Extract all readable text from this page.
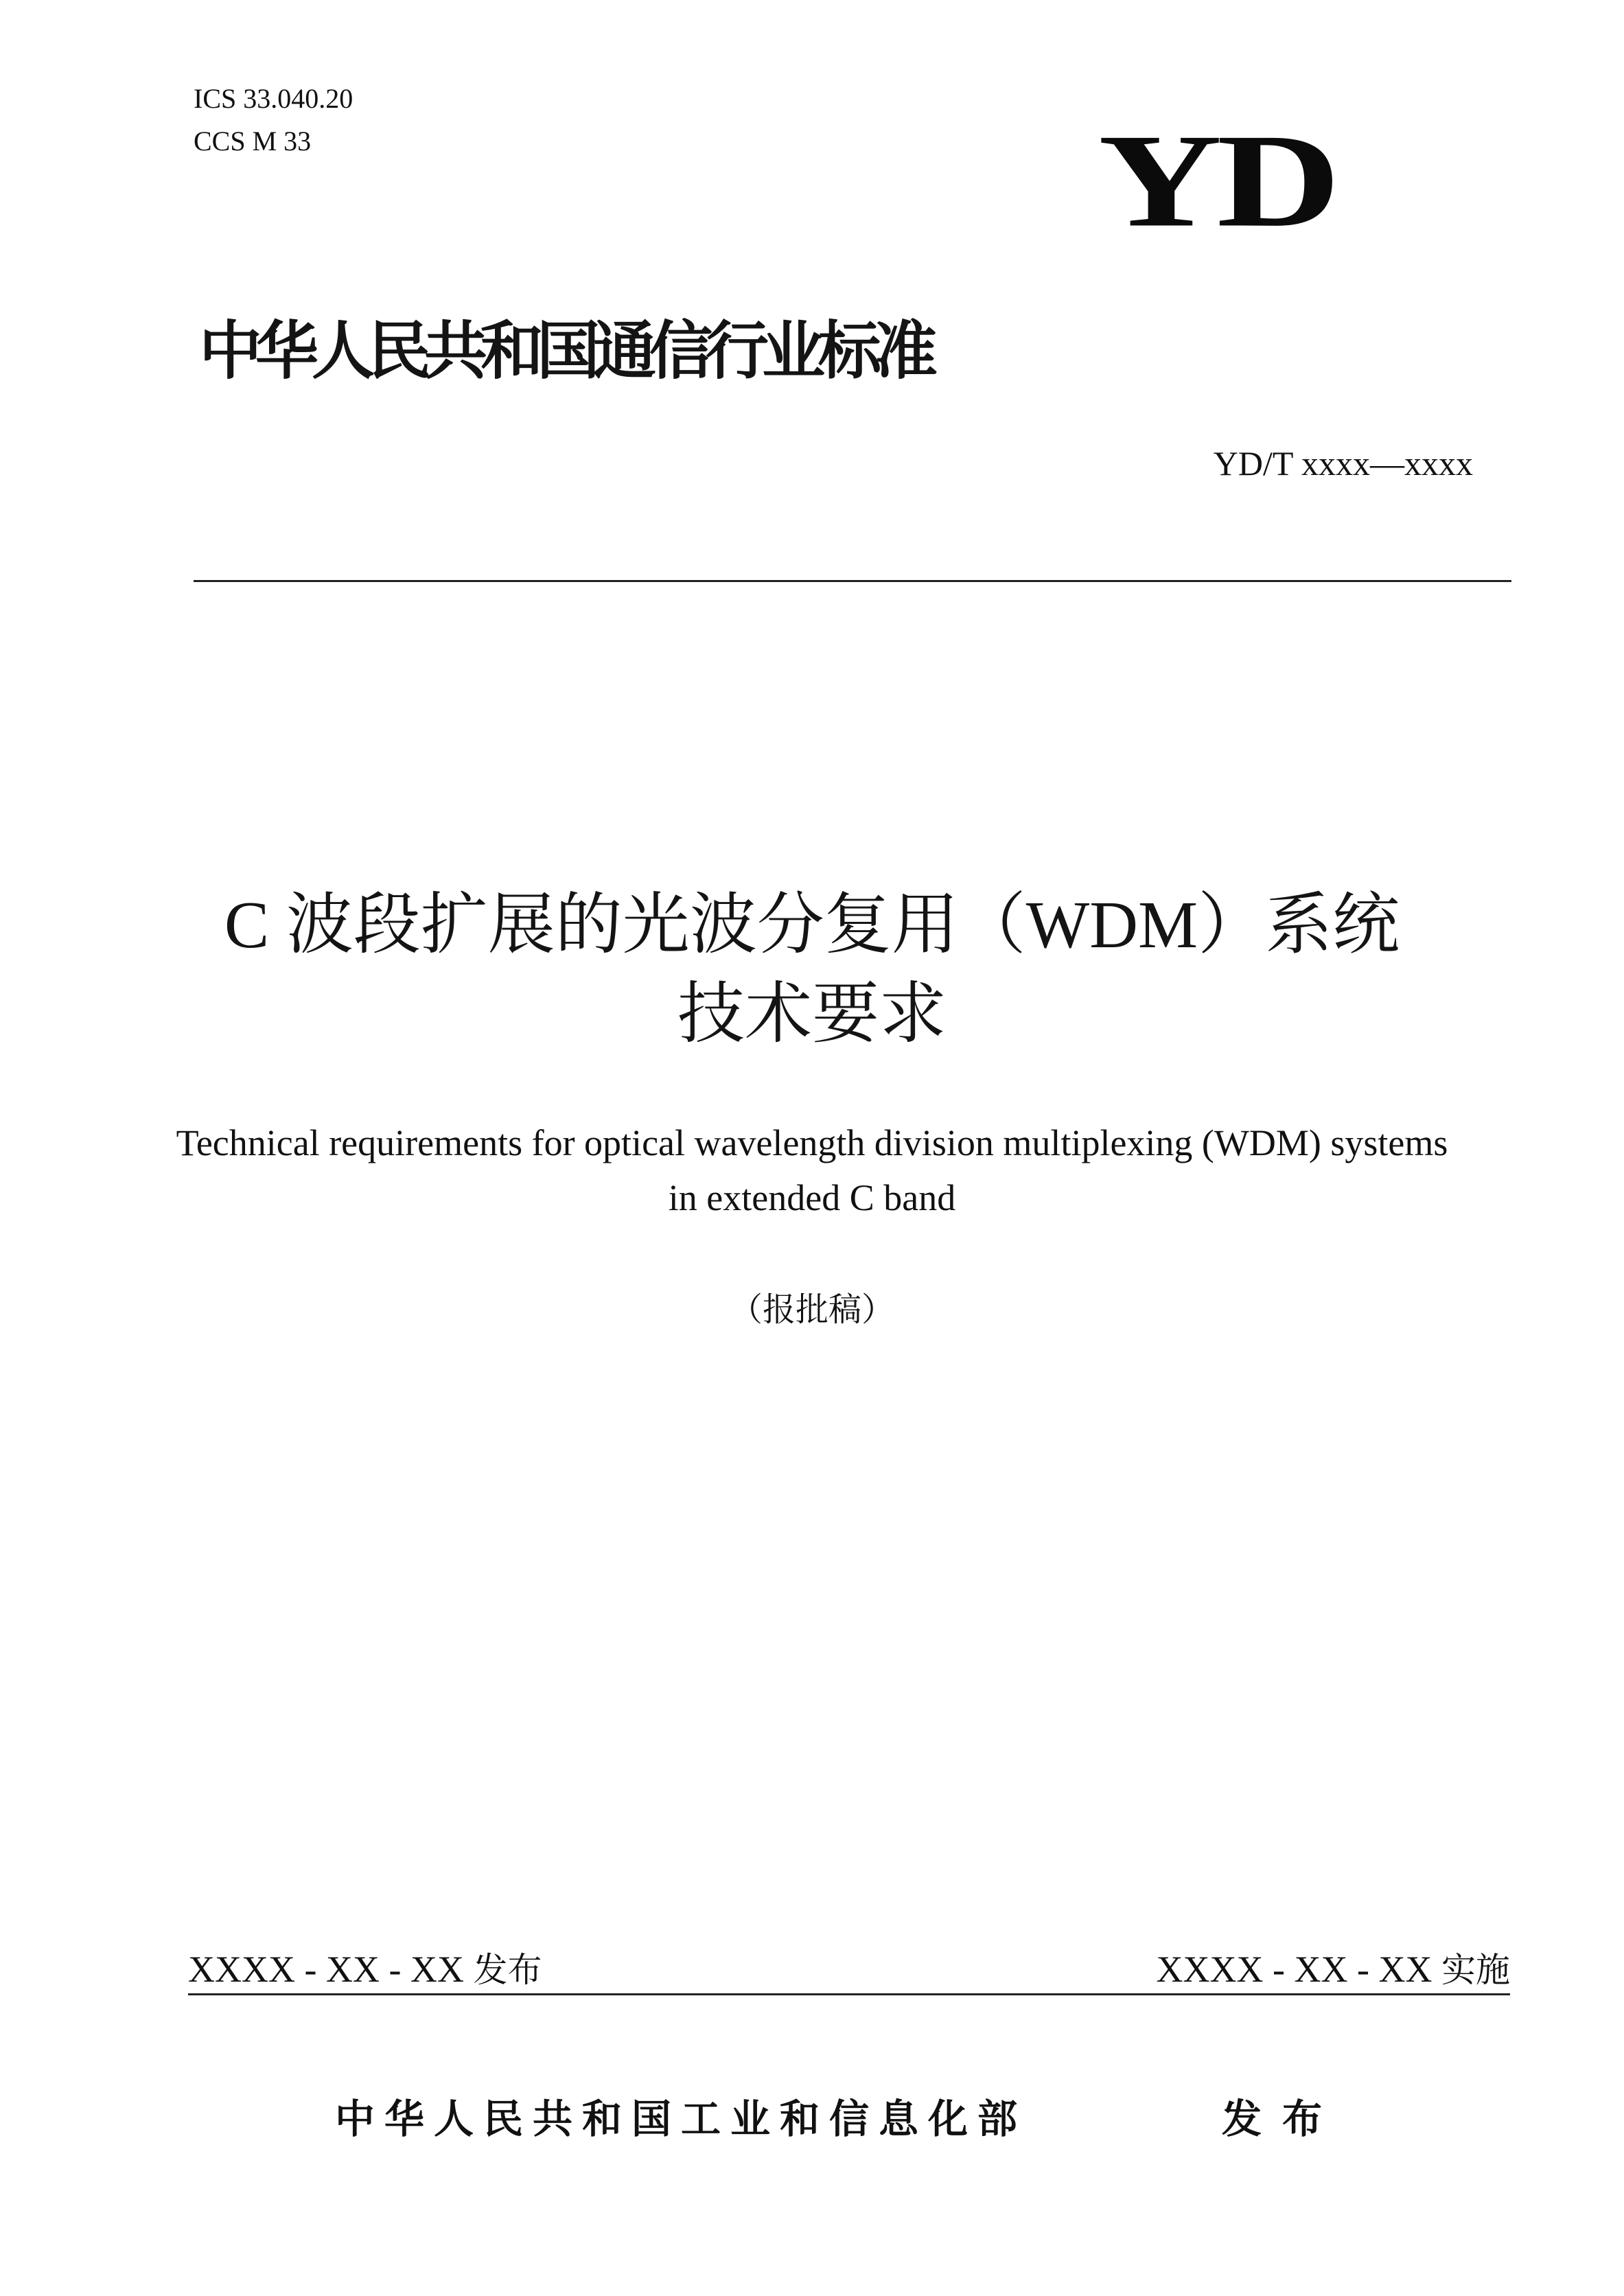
ICS 33.040.20
CCS M 33	YD
中华人民共和国通信行业标准
YD/T xxxx—xxxx
C 波段扩展的光波分复用（WDM）系统
技术要求
Technical requirements for optical wavelength division multiplexing (WDM) systems
in extended C band
（报批稿）
XXXX - XX - XX 发布	XXXX - XX - XX 实施
中华人民共和国工业和信息化部	发布
